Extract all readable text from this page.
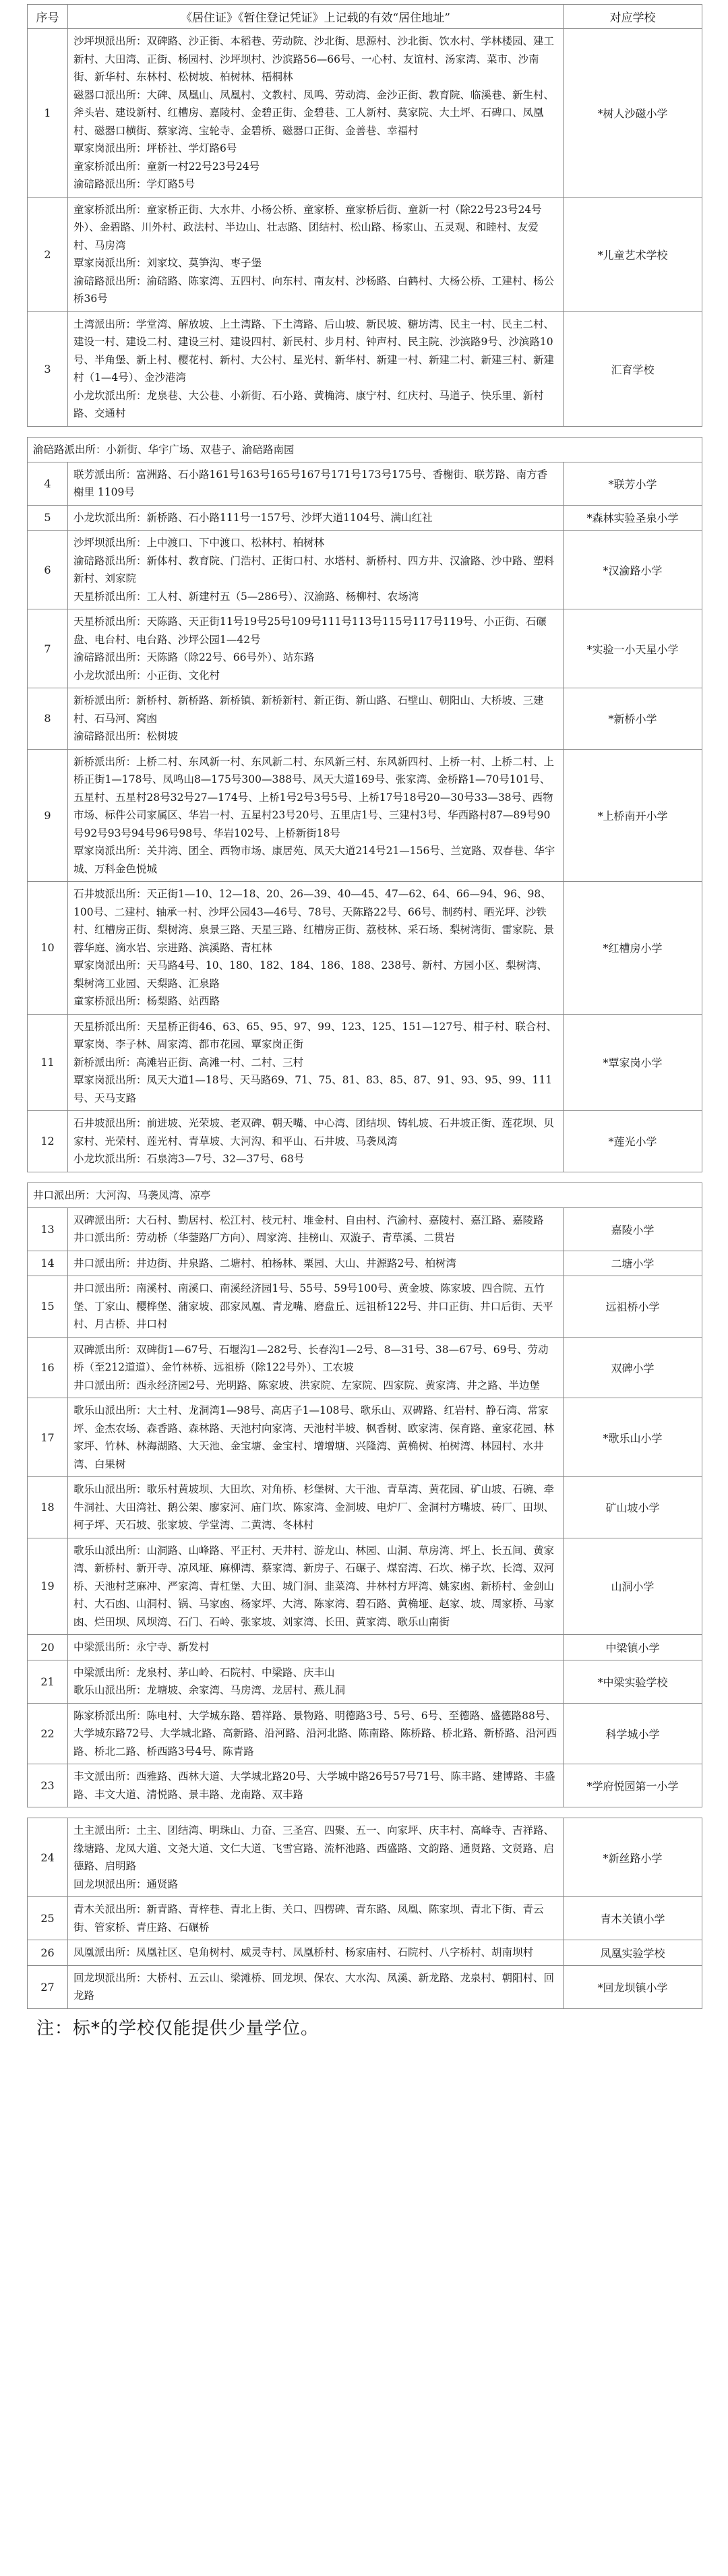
序号	《居住证》《暂住登记凭证》上记载的有效“居住地址”	对应学校
1	沙坪坝派出所：双碑路、沙正街、本稻巷、劳动院、沙北街、思源村、沙北街、饮水村、学林楼园、建工新村、大田湾、正街、杨园村、沙坪坝村、沙滨路56—66号、一心村、友谊村、汤家湾、菜市、沙南街、新华村、东林村、松树坡、柏树林、梧桐林
磁器口派出所：大碑、凤凰山、凤凰村、文教村、凤鸣、劳动湾、金沙正街、教育院、临溪巷、新生村、斧头岩、建设新村、红槽房、嘉陵村、金碧正街、金碧巷、工人新村、莫家院、大土坪、石碑口、凤凰村、磁器口横街、蔡家湾、宝轮寺、金碧桥、磁器口正街、金善巷、幸福村
覃家岗派出所：坪桥社、学灯路6号
童家桥派出所：童新一村22号23号24号
渝碚路派出所：学灯路5号	*树人沙磁小学
2	童家桥派出所：童家桥正街、大水井、小杨公桥、童家桥、童家桥后街、童新一村（除22号23号24号外）、金碧路、川外村、政法村、半边山、壮志路、团结村、松山路、杨家山、五灵观、和睦村、友爱村、马房湾
覃家岗派出所：刘家坟、莫笋沟、枣子堡
渝碚路派出所：渝碚路、陈家湾、五四村、向东村、南友村、沙杨路、白鹤村、大杨公桥、工建村、杨公桥36号	*儿童艺术学校
3	土湾派出所：学堂湾、解放坡、上土湾路、下土湾路、后山坡、新民坡、糖坊湾、民主一村、民主二村、建设一村、建设二村、建设三村、建设四村、新民村、步月村、钟声村、民主院、沙滨路9号、沙滨路10号、半角堡、新上村、樱花村、新村、大公村、星光村、新华村、新建一村、新建二村、新建三村、新建村（1—4号）、金沙港湾
小龙坎派出所：龙泉巷、大公巷、小新街、石小路、黄桷湾、康宁村、红庆村、马道子、快乐里、新村路、交通村	汇育学校

渝碚路派出所：小新街、华宇广场、双巷子、渝碚路南园		
4	联芳派出所：富洲路、石小路161号163号165号167号171号173号175号、香榭街、联芳路、南方香榭里 1109号	*联芳小学
5	小龙坎派出所：新桥路、石小路111号一157号、沙坪大道1104号、满山红社	*森林实验圣泉小学
6	沙坪坝派出所：上中渡口、下中渡口、松林村、柏树林
渝碚路派出所：新体村、教育院、门浩村、正街口村、水塔村、新桥村、四方井、汉渝路、沙中路、塑料新村、刘家院
天星桥派出所：工人村、新建村五（5—286号）、汉渝路、杨柳村、农场湾	*汉渝路小学
7	天星桥派出所：天陈路、天正街11号19号25号109号111号113号115号117号119号、小正街、石碾盘、电台村、电台路、沙坪公园1—42号
渝碚路派出所：天陈路（除22号、66号外）、站东路
小龙坎派出所：小正街、文化村	*实验一小天星小学
8	新桥派出所：新桥村、新桥路、新桥镇、新桥新村、新正街、新山路、石壁山、朝阳山、大桥坡、三建村、石马河、窝凼
渝碚路派出所：松树坡	*新桥小学
9	新桥派出所：上桥二村、东风新一村、东风新二村、东风新三村、东风新四村、上桥一村、上桥二村、上桥正街1—178号、凤鸣山8—175号300—388号、凤天大道169号、张家湾、金桥路1—70号101号、五星村、五星村28号32号27—174号、上桥1号2号3号5号、上桥17号18号20—30号33—38号、西物市场、标件公司家属区、华岩一村、五星村23号20号、五里店1号、三建村3号、华西路村87—89号90号92号93号94号96号98号、华岩102号、上桥新街18号
覃家岗派出所：关井湾、团全、西物市场、康居苑、凤天大道214号21—156号、兰宽路、双春巷、华宇城、万科金色悦城	*上桥南开小学
10	石井坡派出所：天正街1—10、12—18、20、26—39、40—45、47—62、64、66—94、96、98、100号、二建村、轴承一村、沙坪公园43—46号、78号、天陈路22号、66号、制药村、晒光坪、沙铁村、红槽房正街、梨树湾、泉景三路、天星三路、红槽房正街、荔枝林、采石场、梨树湾街、雷家院、景蓉华庭、滴水岩、宗进路、滨溪路、青杠林
覃家岗派出所：天马路4号、10、180、182、184、186、188、238号、新村、方园小区、梨树湾、梨树湾工业园、天梨路、汇泉路
童家桥派出所：杨梨路、站西路	*红槽房小学
11	天星桥派出所：天星桥正街46、63、65、95、97、99、123、125、151—127号、柑子村、联合村、覃家岗、李子林、周家湾、都市花园、覃家岗正街
新桥派出所：高滩岩正街、高滩一村、二村、三村
覃家岗派出所：凤天大道1—18号、天马路69、71、75、81、83、85、87、91、93、95、99、111号、天马支路	*覃家岗小学
12	石井坡派出所：前进坡、光荣坡、老双碑、朝天嘴、中心湾、团结坝、铸轧坡、石井坡正街、莲花坝、贝家村、光荣村、莲光村、青草坡、大河沟、和平山、石井坡、马袭凤湾
小龙坎派出所：石泉湾3—7号、32—37号、68号	*莲光小学

井口派出所：大河沟、马袭凤湾、凉亭		
13	双碑派出所：大石村、勤居村、松江村、枝元村、堆金村、自由村、汽渝村、嘉陵村、嘉江路、嘉陵路
井口派出所：劳动桥（华蓥路厂方向）、周家湾、挂榜山、双漩子、青草溪、二贯岩	嘉陵小学
14	井口派出所：井边街、井泉路、二塘村、柏杨林、栗园、大山、井源路2号、柏树湾	二塘小学
15	井口派出所：南溪村、南溪口、南溪经济园1号、55号、59号100号、黄金坡、陈家坡、四合院、五竹堡、丁家山、樱桦堡、蒲家坡、邵家凤凰、青龙嘴、磨盘丘、远祖桥122号、井口正街、井口后街、天平村、月古桥、井口村	远祖桥小学
16	双碑派出所：双碑街1—67号、石堰沟1—282号、长春沟1—2号、8—31号、38—67号、69号、劳动桥（至212道道）、金竹林桥、远祖桥（除122号外）、工农坡
井口派出所：西永经济园2号、光明路、陈家坡、洪家院、左家院、四家院、黄家湾、井之路、半边堡	双碑小学
17	歌乐山派出所：大土村、龙洞湾1—98号、高店子1—108号、歌乐山、双碑路、红岩村、静石湾、常家坪、金杰农场、森香路、森林路、天池村向家湾、天池村半坡、枫香树、欧家湾、保育路、童家花园、林家坪、竹林、林海湖路、大天池、金宝塘、金宝村、增增塘、兴隆湾、黄桷树、柏树湾、林园村、水井湾、白果树	*歌乐山小学
18	歌乐山派出所：歌乐村黄坡坝、大田坎、对角桥、杉堡树、大干池、青草湾、黄花园、矿山坡、石碗、牵牛洞社、大田湾社、鹅公架、廖家河、庙门坎、陈家湾、金洞坡、电炉厂、金洞村方嘴坡、砖厂、田坝、柯子坪、天石坡、张家坡、学堂湾、二黄湾、冬林村	矿山坡小学
19	歌乐山派出所：山洞路、山峰路、平正村、天井村、游龙山、林园、山洞、草房湾、坪上、长五间、黄家湾、新桥村、新开寺、凉风垭、麻柳湾、蔡家湾、新房子、石碾子、煤窑湾、石坎、梯子坎、长湾、双河桥、天池村芝麻冲、严家湾、青杠堡、大田、城门洞、韭菜湾、井林村方坪湾、姚家凼、新桥村、金剑山村、大石凼、山洞村、锅、马家凼、杨家坪、大湾、陈家湾、碧石路、黄桷垭、赵家、坡、周家桥、马家凼、烂田坝、风坝湾、石门、石岭、张家坡、刘家湾、长田、黄家湾、歌乐山南街	山洞小学
20	中梁派出所：永宁寺、新发村	中梁镇小学
21	中梁派出所：龙泉村、茅山岭、石院村、中梁路、庆丰山
歌乐山派出所：龙塘坡、余家湾、马房湾、龙居村、燕儿洞	*中梁实验学校
22	陈家桥派出所：陈电村、大学城东路、碧祥路、景物路、明德路3号、5号、6号、至德路、盛德路88号、大学城东路72号、大学城北路、高新路、沿河路、沿河北路、陈南路、陈桥路、桥北路、新桥路、沿河西路、桥北二路、桥西路3号4号、陈青路	科学城小学
23	丰文派出所：西雅路、西林大道、大学城北路20号、大学城中路26号57号71号、陈丰路、建博路、丰盛路、丰文大道、清悦路、景丰路、龙南路、双丰路	*学府悦园第一小学

24	土主派出所：土主、团结湾、明珠山、力奋、三圣宫、四聚、五一、向家坪、庆丰村、高峰寺、吉祥路、缘塘路、龙凤大道、文尧大道、文仁大道、飞雪宫路、流杯池路、西盛路、文韵路、通贤路、文贤路、启德路、启明路
回龙坝派出所：通贤路	*新丝路小学
25	青木关派出所：新青路、青梓巷、青北上街、关口、四楞碑、青东路、凤凰、陈家坝、青北下街、青云街、管家桥、青庄路、石碾桥	青木关镇小学
26	凤凰派出所：凤凰社区、皂角树村、威灵寺村、凤凰桥村、杨家庙村、石院村、八字桥村、胡南坝村	凤凰实验学校
27	回龙坝派出所：大桥村、五云山、梁滩桥、回龙坝、保农、大水沟、凤溪、新龙路、龙泉村、朝阳村、回龙路	*回龙坝镇小学
注：标*的学校仅能提供少量学位。
